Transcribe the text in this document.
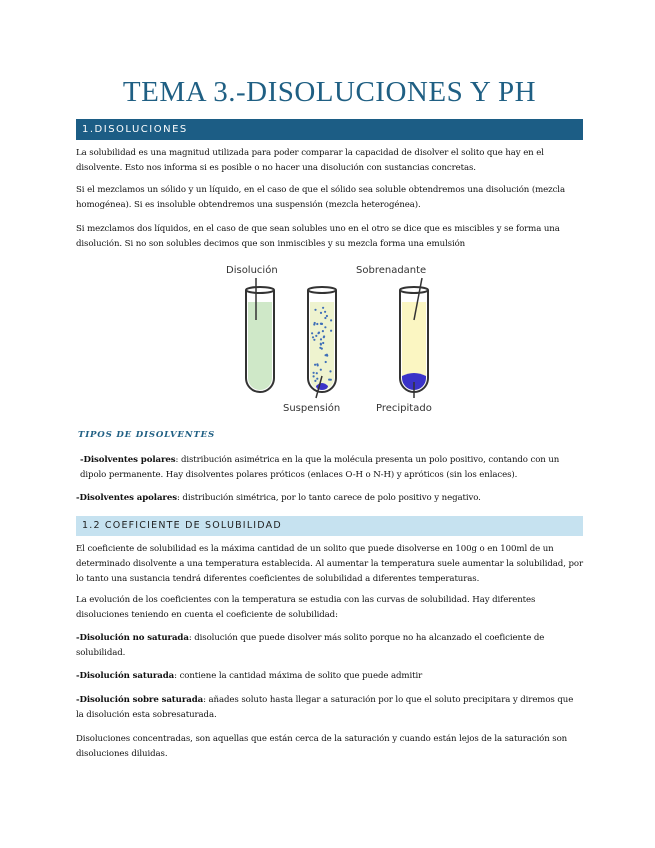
TEMA 3.-DISOLUCIONES Y PH
1.DISOLUCIONES

La solubilidad es una magnitud utilizada para poder comparar la capacidad de disolver el solito que hay en el disolvente. Esto nos informa si es posible o no hacer una disolución con sustancias concretas.

Si el mezclamos un sólido y un líquido, en el caso de que el sólido sea soluble obtendremos una disolución (mezcla homogénea). Si es insoluble obtendremos una suspensión (mezcla heterogénea).

Si mezclamos dos líquidos, en el caso de que sean solubles uno en el otro se dice que es miscibles y se forma una disolución. Si no son solubles decimos que son inmiscibles y su mezcla forma una emulsión

Disolución	Sobrenadante
Suspensión	Precipitado

TIPOS DE DISOLVENTES

-Disolventes polares: distribución asimétrica en la que la molécula presenta un polo positivo, contando con un dipolo permanente. Hay disolventes polares próticos (enlaces O-H o N-H) y apróticos (sin los enlaces).

-Disolventes apolares: distribución simétrica, por lo tanto carece de polo positivo y negativo.

1.2 COEFICIENTE DE SOLUBILIDAD

El coeficiente de solubilidad es la máxima cantidad de un solito que puede disolverse en 100g o en 100ml de un determinado disolvente a una temperatura establecida. Al aumentar la temperatura suele aumentar la solubilidad, por lo tanto una sustancia tendrá diferentes coeficientes de solubilidad a diferentes temperaturas.

La evolución de los coeficientes con la temperatura se estudia con las curvas de solubilidad. Hay diferentes disoluciones teniendo en cuenta el coeficiente de solubilidad:

-Disolución no saturada: disolución que puede disolver más solito porque no ha alcanzado el coeficiente de solubilidad.

-Disolución saturada: contiene la cantidad máxima de solito que puede admitir

-Disolución sobre saturada: añades soluto hasta llegar a saturación por lo que el soluto precipitara y diremos que la disolución esta sobresaturada.

Disoluciones concentradas, son aquellas que están cerca de la saturación y cuando están lejos de la saturación son disoluciones diluidas.
